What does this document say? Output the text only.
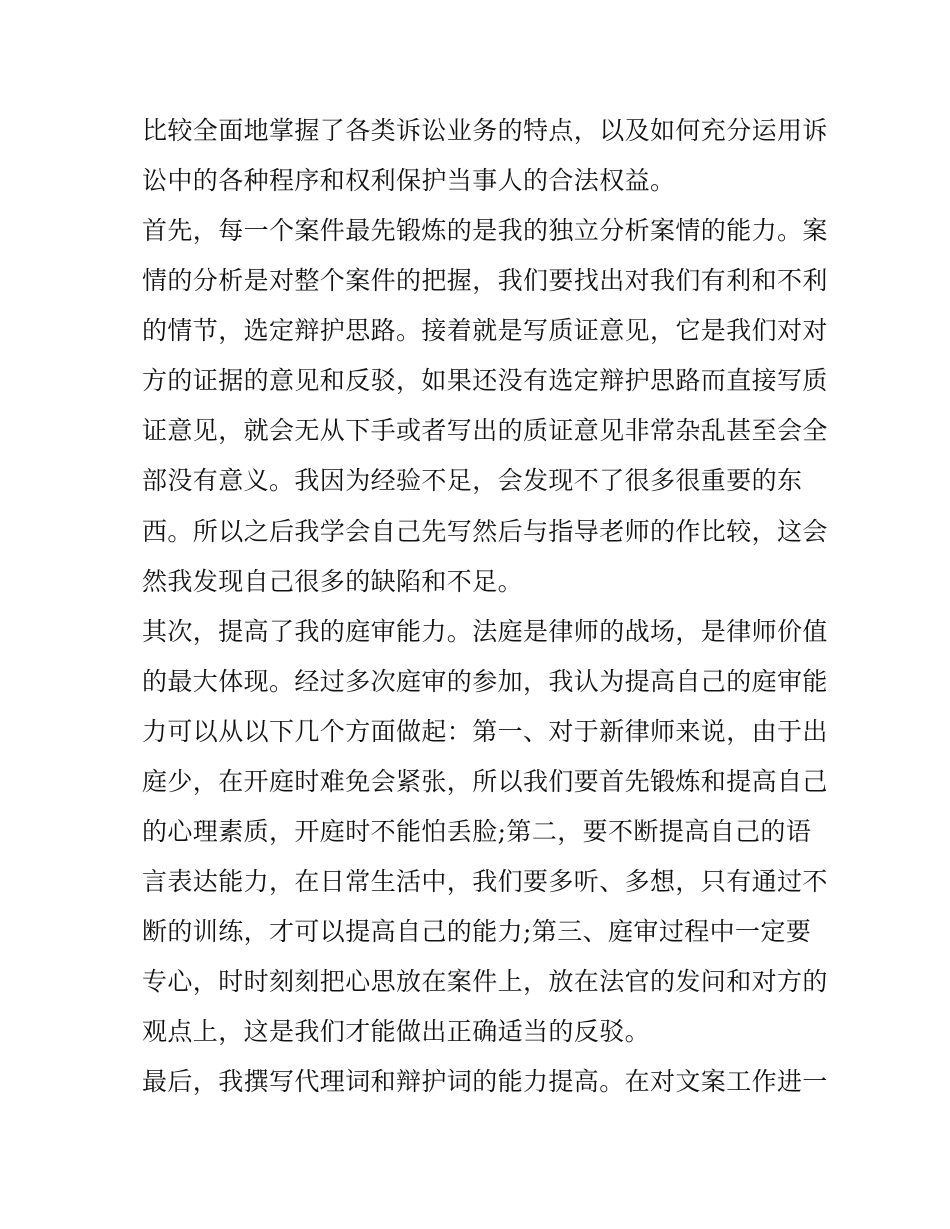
比较全面地掌握了各类诉讼业务的特点，以及如何充分运用诉
讼中的各种程序和权利保护当事人的合法权益。
首先，每一个案件最先锻炼的是我的独立分析案情的能力。案
情的分析是对整个案件的把握，我们要找出对我们有利和不利
的情节，选定辩护思路。接着就是写质证意见，它是我们对对
方的证据的意见和反驳，如果还没有选定辩护思路而直接写质
证意见，就会无从下手或者写出的质证意见非常杂乱甚至会全
部没有意义。我因为经验不足，会发现不了很多很重要的东
西。所以之后我学会自己先写然后与指导老师的作比较，这会
然我发现自己很多的缺陷和不足。
其次，提高了我的庭审能力。法庭是律师的战场，是律师价值
的最大体现。经过多次庭审的参加，我认为提高自己的庭审能
力可以从以下几个方面做起：第一、对于新律师来说，由于出
庭少，在开庭时难免会紧张，所以我们要首先锻炼和提高自己
的心理素质，开庭时不能怕丢脸;第二，要不断提高自己的语
言表达能力，在日常生活中，我们要多听、多想，只有通过不
断的训练，才可以提高自己的能力;第三、庭审过程中一定要
专心，时时刻刻把心思放在案件上，放在法官的发问和对方的
观点上，这是我们才能做出正确适当的反驳。
最后，我撰写代理词和辩护词的能力提高。在对文案工作进一
